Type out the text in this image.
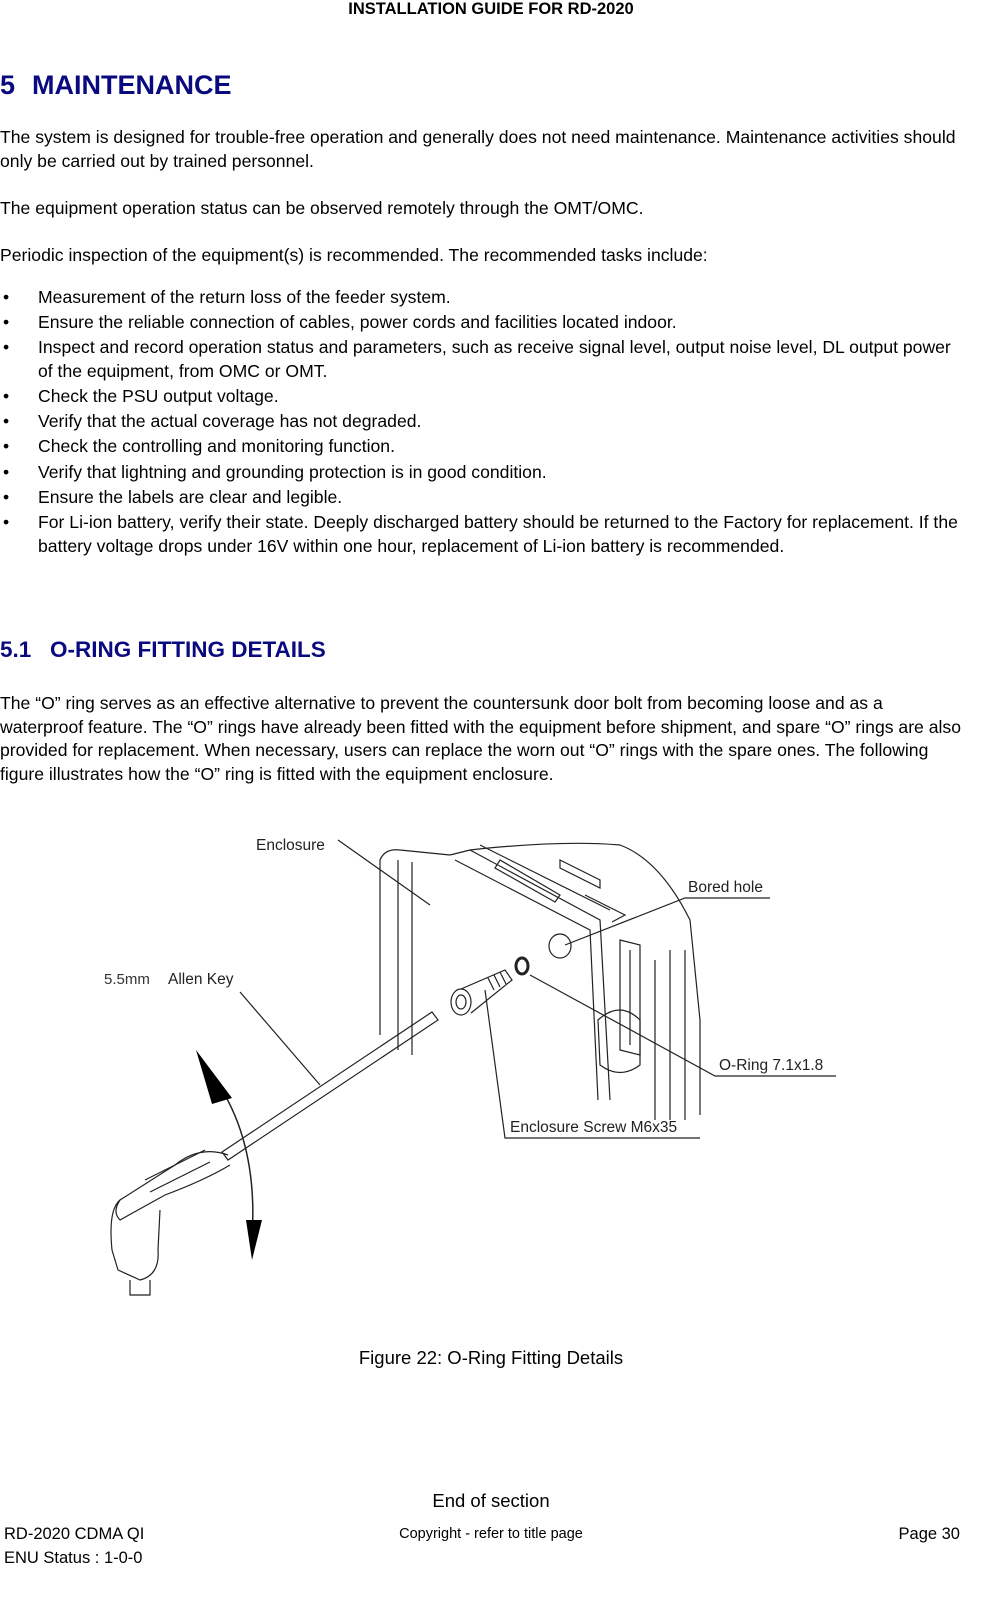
INSTALLATION GUIDE FOR RD-2020
5 MAINTENANCE
The system is designed for trouble-free operation and generally does not need maintenance. Maintenance activities should only be carried out by trained personnel.
The equipment operation status can be observed remotely through the OMT/OMC.
Periodic inspection of the equipment(s) is recommended. The recommended tasks include:
• Measurement of the return loss of the feeder system.
• Ensure the reliable connection of cables, power cords and facilities located indoor.
• Inspect and record operation status and parameters, such as receive signal level, output noise level, DL output power of the equipment, from OMC or OMT.
• Check the PSU output voltage.
• Verify that the actual coverage has not degraded.
• Check the controlling and monitoring function.
• Verify that lightning and grounding protection is in good condition.
• Ensure the labels are clear and legible.
• For Li-ion battery, verify their state. Deeply discharged battery should be returned to the Factory for replacement. If the battery voltage drops under 16V within one hour, replacement of Li-ion battery is recommended.
5.1 O-RING FITTING DETAILS
The “O” ring serves as an effective alternative to prevent the countersunk door bolt from becoming loose and as a waterproof feature. The “O” rings have already been fitted with the equipment before shipment, and spare “O” rings are also provided for replacement. When necessary, users can replace the worn out “O” rings with the spare ones. The following figure illustrates how the “O” ring is fitted with the equipment enclosure.
Enclosure
Bored hole
5.5mm Allen Key
O-Ring 7.1x1.8
Enclosure Screw M6x35
Figure 22: O-Ring Fitting Details
End of section
RD-2020 CDMA QI
ENU Status : 1-0-0
Copyright - refer to title page	Page 30
